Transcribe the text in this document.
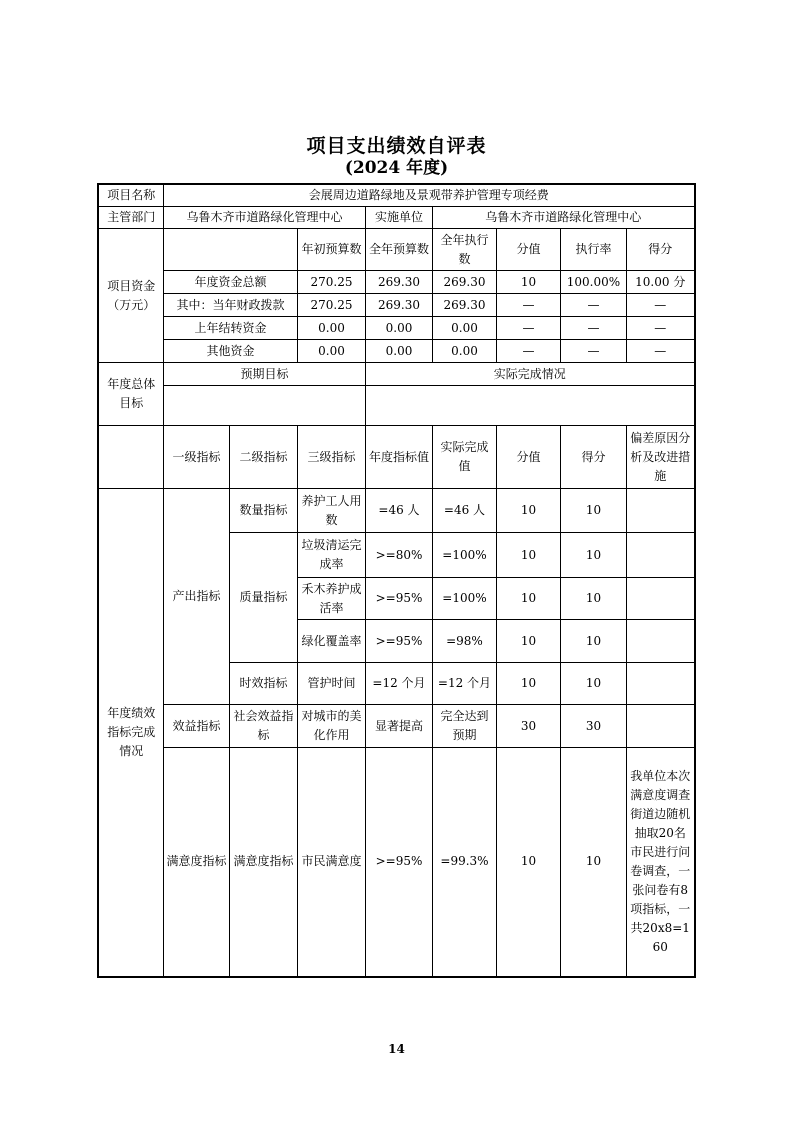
项目支出绩效自评表
(2024 年度)
项目名称	会展周边道路绿地及景观带养护管理专项经费							
主管部门	乌鲁木齐市道路绿化管理中心			实施单位	乌鲁木齐市道路绿化管理中心			
项目资金（万元）			年初预算数	全年预算数	全年执行数	分值	执行率	得分
	年度资金总额		270.25	269.30	269.30	10	100.00%	10.00 分
	其中：当年财政拨款		270.25	269.30	269.30	—	—	—
	上年结转资金		0.00	0.00	0.00	—	—	—
	其他资金		0.00	0.00	0.00	—	—	—
年度总体目标	预期目标			实际完成情况				

	一级指标	二级指标	三级指标	年度指标值	实际完成值	分值	得分	偏差原因分析及改进措施
年度绩效指标完成情况	产出指标	数量指标	养护工人用数	=46 人	=46 人	10	10	
		质量指标	垃圾清运完成率	>=80%	=100%	10	10	
			禾木养护成活率	>=95%	=100%	10	10	
			绿化覆盖率	>=95%	=98%	10	10	
		时效指标	管护时间	=12 个月	=12 个月	10	10	
	效益指标	社会效益指标	对城市的美化作用	显著提高	完全达到预期	30	30	
	满意度指标	满意度指标	市民满意度	>=95%	=99.3%	10	10	我单位本次满意度调查街道边随机抽取20名市民进行问卷调查，一张问卷有8项指标，一共20x8=160
14
